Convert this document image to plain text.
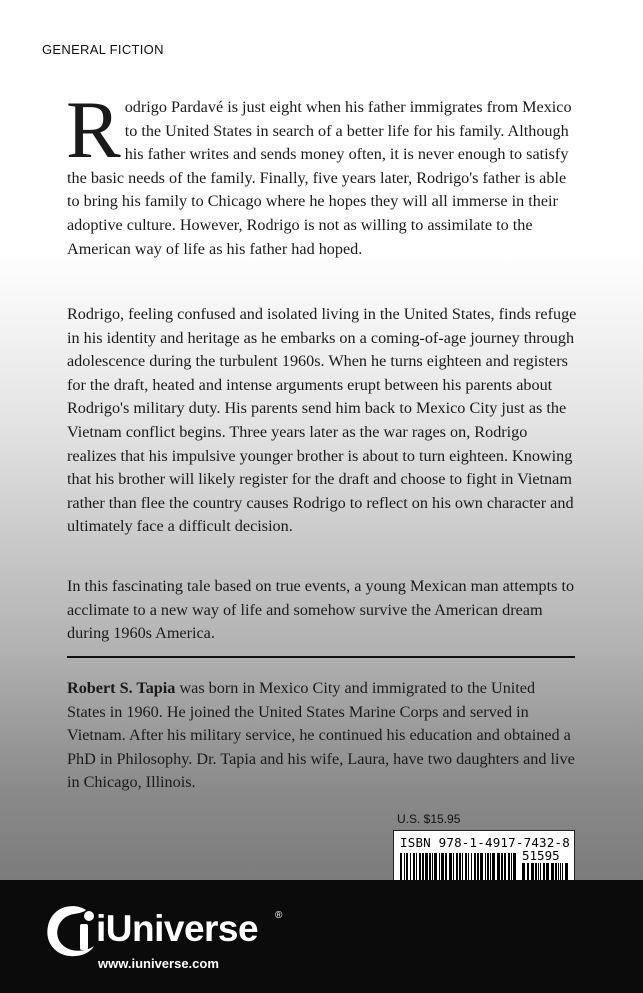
GENERAL FICTION

Rodrigo Pardavé is just eight when his father immigrates from Mexico to the United States in search of a better life for his family. Although his father writes and sends money often, it is never enough to satisfy the basic needs of the family. Finally, five years later, Rodrigo's father is able to bring his family to Chicago where he hopes they will all immerse in their adoptive culture. However, Rodrigo is not as willing to assimilate to the American way of life as his father had hoped.

Rodrigo, feeling confused and isolated living in the United States, finds refuge in his identity and heritage as he embarks on a coming-of-age journey through adolescence during the turbulent 1960s. When he turns eighteen and registers for the draft, heated and intense arguments erupt between his parents about Rodrigo's military duty. His parents send him back to Mexico City just as the Vietnam conflict begins. Three years later as the war rages on, Rodrigo realizes that his impulsive younger brother is about to turn eighteen. Knowing that his brother will likely register for the draft and choose to fight in Vietnam rather than flee the country causes Rodrigo to reflect on his own character and ultimately face a difficult decision.

In this fascinating tale based on true events, a young Mexican man attempts to acclimate to a new way of life and somehow survive the American dream during 1960s America.

Robert S. Tapia was born in Mexico City and immigrated to the United States in 1960. He joined the United States Marine Corps and served in Vietnam. After his military service, he continued his education and obtained a PhD in Philosophy. Dr. Tapia and his wife, Laura, have two daughters and live in Chicago, Illinois.

U.S. $15.95
ISBN 978-1-4917-7432-8
51595
iUniverse ®
www.iuniverse.com
